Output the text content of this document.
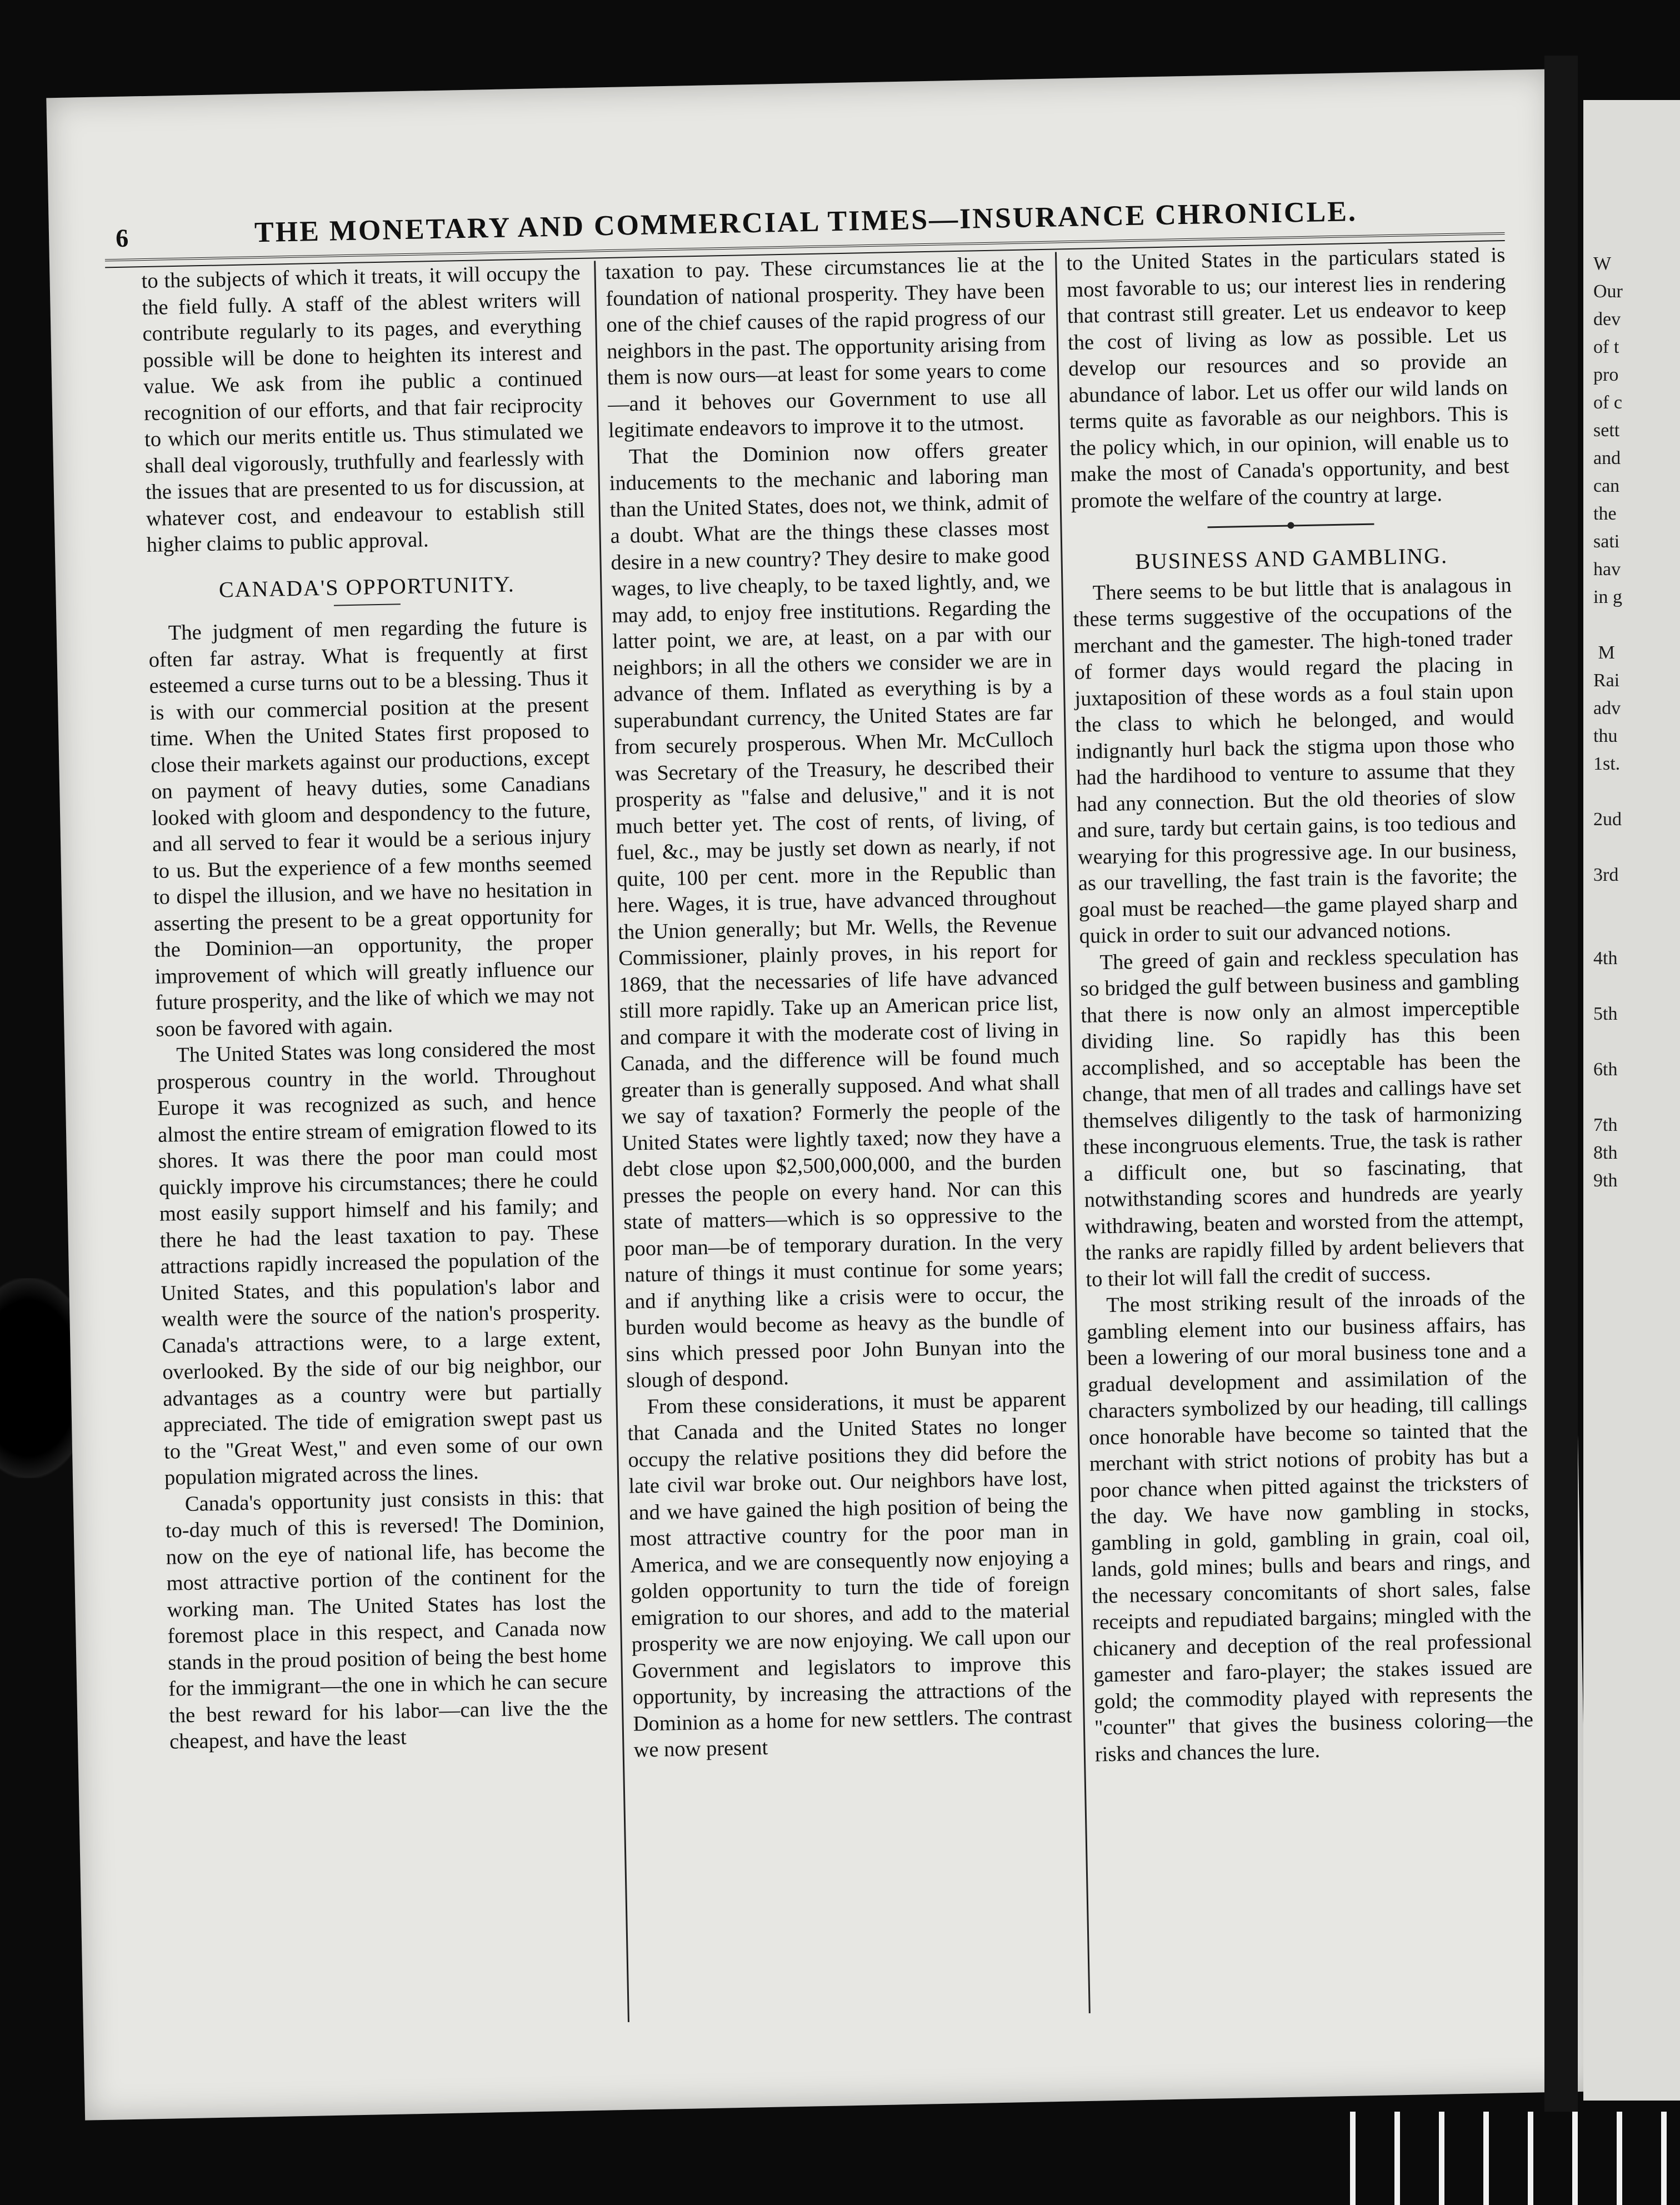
6	THE MONETARY AND COMMERCIAL TIMES—INSURANCE CHRONICLE.

to the subjects of which it treats, it will occupy the the field fully. A staff of the ablest writers will contribute regularly to its pages, and everything possible will be done to heighten its interest and value. We ask from ihe public a continued recognition of our efforts, and that fair reciprocity to which our merits entitle us. Thus stimulated we shall deal vigorously, truthfully and fearlessly with the issues that are presented to us for discussion, at whatever cost, and endeavour to establish still higher claims to public approval.

CANADA'S OPPORTUNITY.

The judgment of men regarding the future is often far astray. What is frequently at first esteemed a curse turns out to be a blessing. Thus it is with our commercial position at the present time. When the United States first proposed to close their markets against our productions, except on payment of heavy duties, some Canadians looked with gloom and despondency to the future, and all served to fear it would be a serious injury to us. But the experience of a few months seemed to dispel the illusion, and we have no hesitation in asserting the present to be a great opportunity for the Dominion—an opportunity, the proper improvement of which will greatly influence our future prosperity, and the like of which we may not soon be favored with again.

The United States was long considered the most prosperous country in the world. Throughout Europe it was recognized as such, and hence almost the entire stream of emigration flowed to its shores. It was there the poor man could most quickly improve his circumstances; there he could most easily support himself and his family; and there he had the least taxation to pay. These attractions rapidly increased the population of the United States, and this population's labor and wealth were the source of the nation's prosperity. Canada's attractions were, to a large extent, overlooked. By the side of our big neighbor, our advantages as a country were but partially appreciated. The tide of emigration swept past us to the "Great West," and even some of our own population migrated across the lines.

Canada's opportunity just consists in this: that to-day much of this is reversed! The Dominion, now on the eye of national life, has become the most attractive portion of the continent for the working man. The United States has lost the foremost place in this respect, and Canada now stands in the proud position of being the best home for the immigrant—the one in which he can secure the best reward for his labor—can live the the cheapest, and have the least

taxation to pay. These circumstances lie at the foundation of national prosperity. They have been one of the chief causes of the rapid progress of our neighbors in the past. The opportunity arising from them is now ours—at least for some years to come—and it behoves our Government to use all legitimate endeavors to improve it to the utmost.

That the Dominion now offers greater inducements to the mechanic and laboring man than the United States, does not, we think, admit of a doubt. What are the things these classes most desire in a new country? They desire to make good wages, to live cheaply, to be taxed lightly, and, we may add, to enjoy free institutions. Regarding the latter point, we are, at least, on a par with our neighbors; in all the others we consider we are in advance of them. Inflated as everything is by a superabundant currency, the United States are far from securely prosperous. When Mr. McCulloch was Secretary of the Treasury, he described their prosperity as "false and delusive," and it is not much better yet. The cost of rents, of living, of fuel, &c., may be justly set down as nearly, if not quite, 100 per cent. more in the Republic than here. Wages, it is true, have advanced throughout the Union generally; but Mr. Wells, the Revenue Commissioner, plainly proves, in his report for 1869, that the necessaries of life have advanced still more rapidly. Take up an American price list, and compare it with the moderate cost of living in Canada, and the difference will be found much greater than is generally supposed. And what shall we say of taxation? Formerly the people of the United States were lightly taxed; now they have a debt close upon $2,500,000,000, and the burden presses the people on every hand. Nor can this state of matters—which is so oppressive to the poor man—be of temporary duration. In the very nature of things it must continue for some years; and if anything like a crisis were to occur, the burden would become as heavy as the bundle of sins which pressed poor John Bunyan into the slough of despond.

From these considerations, it must be apparent that Canada and the United States no longer occupy the relative positions they did before the late civil war broke out. Our neighbors have lost, and we have gained the high position of being the most attractive country for the poor man in America, and we are consequently now enjoying a golden opportunity to turn the tide of foreign emigration to our shores, and add to the material prosperity we are now enjoying. We call upon our Government and legislators to improve this opportunity, by increasing the attractions of the Dominion as a home for new settlers. The contrast we now present

to the United States in the particulars stated is most favorable to us; our interest lies in rendering that contrast still greater. Let us endeavor to keep the cost of living as low as possible. Let us develop our resources and so provide an abundance of labor. Let us offer our wild lands on terms quite as favorable as our neighbors. This is the policy which, in our opinion, will enable us to make the most of Canada's opportunity, and best promote the welfare of the country at large.

BUSINESS AND GAMBLING.

There seems to be but little that is analagous in these terms suggestive of the occupations of the merchant and the gamester. The high-toned trader of former days would regard the placing in juxtaposition of these words as a foul stain upon the class to which he belonged, and would indignantly hurl back the stigma upon those who had the hardihood to venture to assume that they had any connection. But the old theories of slow and sure, tardy but certain gains, is too tedious and wearying for this progressive age. In our business, as our travelling, the fast train is the favorite; the goal must be reached—the game played sharp and quick in order to suit our advanced notions.

The greed of gain and reckless speculation has so bridged the gulf between business and gambling that there is now only an almost imperceptible dividing line. So rapidly has this been accomplished, and so acceptable has been the change, that men of all trades and callings have set themselves diligently to the task of harmonizing these incongruous elements. True, the task is rather a difficult one, but so fascinating, that notwithstanding scores and hundreds are yearly withdrawing, beaten and worsted from the attempt, the ranks are rapidly filled by ardent believers that to their lot will fall the credit of success.

The most striking result of the inroads of the gambling element into our business affairs, has been a lowering of our moral business tone and a gradual development and assimilation of the characters symbolized by our heading, till callings once honorable have become so tainted that the merchant with strict notions of probity has but a poor chance when pitted against the tricksters of the day. We have now gambling in stocks, gambling in gold, gambling in grain, coal oil, lands, gold mines; bulls and bears and rings, and the necessary concomitants of short sales, false receipts and repudiated bargains; mingled with the chicanery and deception of the real professional gamester and faro-player; the stakes issued are gold; the commodity played with represents the "counter" that gives the business coloring—the risks and chances the lure.

W
Our
dev
of t
pro
of c
sett
and
can
the
sati
hav
in g

M
Rai
adv
thu
1st.

2ud

3rd

4th

5th

6th

7th
8th
9th
